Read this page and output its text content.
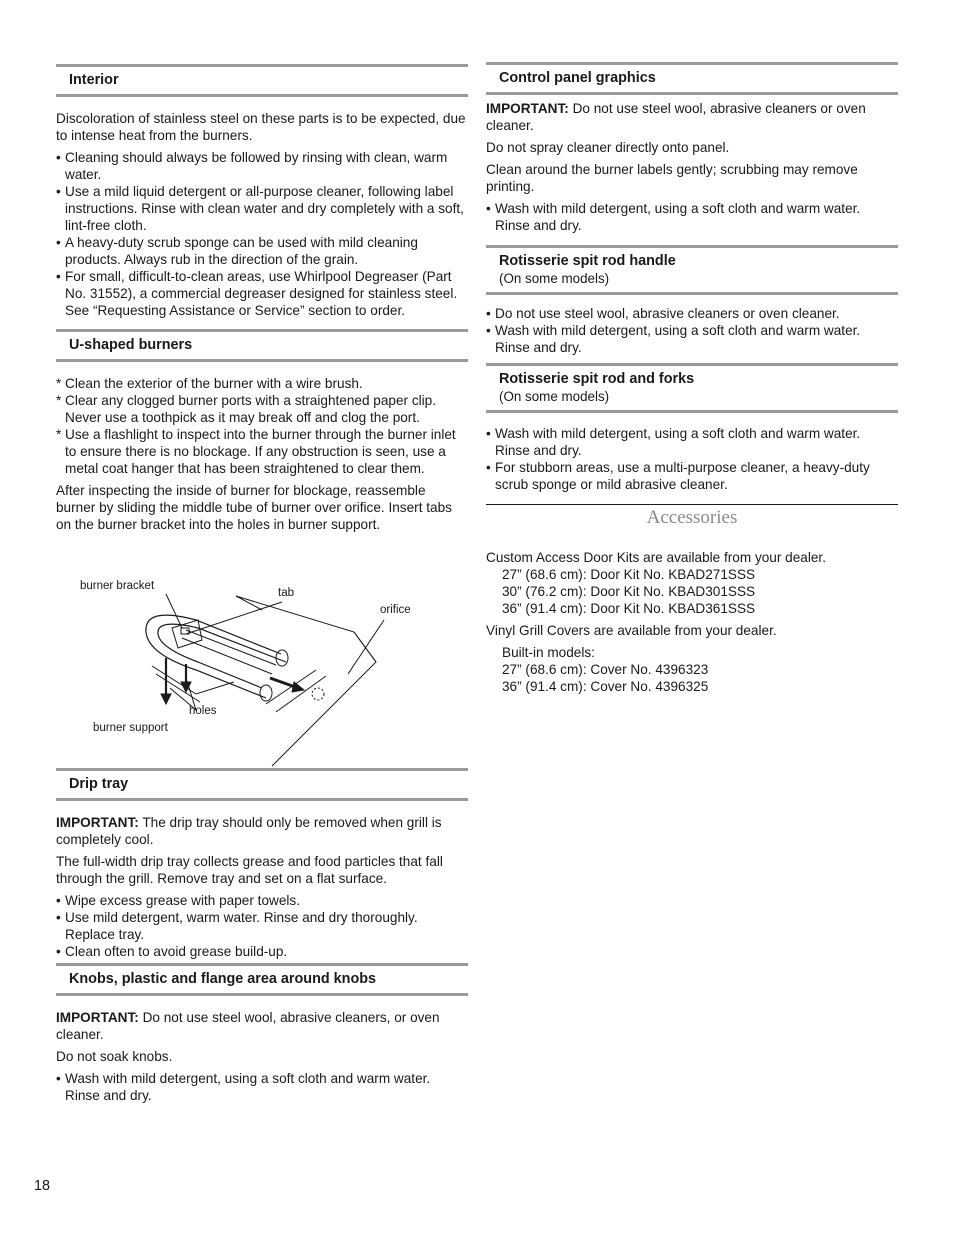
Interior

Discoloration of stainless steel on these parts is to be expected, due to intense heat from the burners.

• Cleaning should always be followed by rinsing with clean, warm water.
• Use a mild liquid detergent or all-purpose cleaner, following label instructions. Rinse with clean water and dry completely with a soft, lint-free cloth.
• A heavy-duty scrub sponge can be used with mild cleaning products. Always rub in the direction of the grain.
• For small, difficult-to-clean areas, use Whirlpool Degreaser (Part No. 31552), a commercial degreaser designed for stainless steel. See “Requesting Assistance or Service” section to order.
U-shaped burners
* Clean the exterior of the burner with a wire brush.
* Clear any clogged burner ports with a straightened paper clip. Never use a toothpick as it may break off and clog the port.
* Use a flashlight to inspect into the burner through the burner inlet to ensure there is no blockage. If any obstruction is seen, use a metal coat hanger that has been straightened to clear them.

After inspecting the inside of burner for blockage, reassemble burner by sliding the middle tube of burner over orifice. Insert tabs on the burner bracket into the holes in burner support.

Drip tray

IMPORTANT: The drip tray should only be removed when grill is completely cool.

The full-width drip tray collects grease and food particles that fall through the grill. Remove tray and set on a flat surface.

• Wipe excess grease with paper towels.
• Use mild detergent, warm water. Rinse and dry thoroughly. Replace tray.
• Clean often to avoid grease build-up.
Knobs, plastic and flange area around knobs

IMPORTANT: Do not use steel wool, abrasive cleaners, or oven cleaner.

Do not soak knobs.

• Wash with mild detergent, using a soft cloth and warm water. Rinse and dry.
burner bracket
tab
orifice
holes
burner support
Control panel graphics

IMPORTANT: Do not use steel wool, abrasive cleaners or oven cleaner.

Do not spray cleaner directly onto panel.

Clean around the burner labels gently; scrubbing may remove printing.

• Wash with mild detergent, using a soft cloth and warm water. Rinse and dry.
Rotisserie spit rod handle
(On some models)
• Do not use steel wool, abrasive cleaners or oven cleaner.
• Wash with mild detergent, using a soft cloth and warm water. Rinse and dry.
Rotisserie spit rod and forks
(On some models)
• Wash with mild detergent, using a soft cloth and warm water. Rinse and dry.
• For stubborn areas, use a multi-purpose cleaner, a heavy-duty scrub sponge or mild abrasive cleaner.
Accessories

Custom Access Door Kits are available from your dealer.

27” (68.6 cm): Door Kit No. KBAD271SSS
30” (76.2 cm): Door Kit No. KBAD301SSS
36” (91.4 cm): Door Kit No. KBAD361SSS

Vinyl Grill Covers are available from your dealer.

Built-in models:
27” (68.6 cm): Cover No. 4396323
36” (91.4 cm): Cover No. 4396325
18
